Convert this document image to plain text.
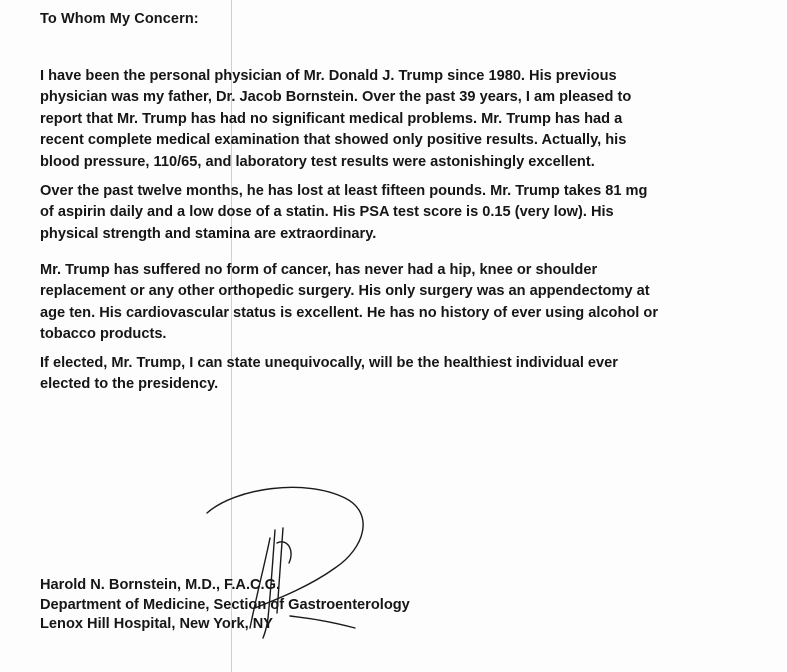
To Whom My Concern:

I have been the personal physician of Mr. Donald J. Trump since 1980. His previous
physician was my father, Dr. Jacob Bornstein. Over the past 39 years, I am pleased to
report that Mr. Trump has had no significant medical problems. Mr. Trump has had a
recent complete medical examination that showed only positive results. Actually, his
blood pressure, 110/65, and laboratory test results were astonishingly excellent.

Over the past twelve months, he has lost at least fifteen pounds. Mr. Trump takes 81 mg
of aspirin daily and a low dose of a statin. His PSA test score is 0.15 (very low). His
physical strength and stamina are extraordinary.

Mr. Trump has suffered no form of cancer, has never had a hip, knee or shoulder
replacement or any other orthopedic surgery. His only surgery was an appendectomy at
age ten. His cardiovascular status is excellent. He has no history of ever using alcohol or
tobacco products.

If elected, Mr. Trump, I can state unequivocally, will be the healthiest individual ever
elected to the presidency.

Harold N. Bornstein, M.D., F.A.C.G.
Department of Medicine, Section of Gastroenterology
Lenox Hill Hospital, New York, NY
